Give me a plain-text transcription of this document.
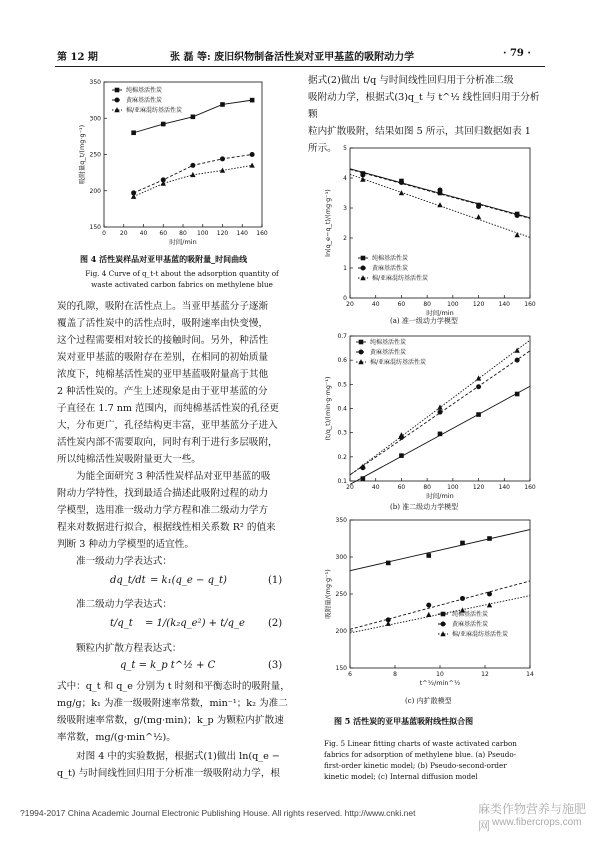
第 12 期	张 磊 等: 废旧织物制备活性炭对亚甲基蓝的吸附动力学	· 79 ·
0 20 40 60 80 100 120 140 160
150
200
250
300
350
时间/min
吸附量q_t/(mg·g⁻¹)
纯棉基活性炭
黄麻基活性炭
棉/亚麻混纺基活性炭
图 4 活性炭样品对亚甲基蓝的吸附量_时间曲线
Fig. 4 Curve of q_t-t about the adsorption quantity of
waste activated carbon fabrics on methylene blue
炭的孔隙，吸附在活性点上。当亚甲基蓝分子逐渐
覆盖了活性炭中的活性点时，吸附速率由快变慢，
这个过程需要相对较长的接触时间。另外，种活性
炭对亚甲基蓝的吸附存在差别，在相同的初始质量
浓度下，纯棉基活性炭的亚甲基蓝吸附量高于其他
2 种活性炭的。产生上述现象是由于亚甲基蓝的分
子直径在 1.7 nm 范围内，而纯棉基活性炭的孔径更
大，分布更广，孔径结构更丰富，亚甲基蓝分子进入
活性炭内部不需要取向，同时有利于进行多层吸附，
所以纯棉活性炭吸附量更大一些。
为能全面研究 3 种活性炭样品对亚甲基蓝的吸
附动力学特性，找到最适合描述此吸附过程的动力
学模型，选用准一级动力学方程和准二级动力学方
程来对数据进行拟合，根据线性相关系数 R² 的值来
判断 3 种动力学模型的适宜性。
准一级动力学表达式：
dq_t/dt = k₁(q_e − q_t)	(1)
准二级动力学表达式：
t/q_t = 1/(k₂q_e²) + t/q_e (2)
颗粒内扩散方程表达式：
q_t = k_p t^½ + C	(3)
式中：q_t 和 q_e 分别为 t 时刻和平衡态时的吸附量，
mg/g；k₁ 为准一级吸附速率常数，min⁻¹；k₂ 为准二
级吸附速率常数，g/(mg·min)；k_p 为颗粒内扩散速
率常数，mg/(g·min^½)。
对图 4 中的实验数据，根据式(1)做出 ln(q_e −
q_t) 与时间线性回归用于分析准一级吸附动力学，根
据式(2)做出 t/q 与时间线性回归用于分析准二级
吸附动力学，根据式(3)q_t 与 t^½ 线性回归用于分析颗
粒内扩散吸附，结果如图 5 所示，其回归数据如表 1
所示。
20	40	60	80	100 120 140 160
0
1
2
3
4
5
时间/min
ln(q_e−q_t)/(mg·g⁻¹)
纯棉基活性炭
黄麻基活性炭
棉/亚麻混纺基活性炭
(a) 准一级动力学模型
20	40	60	80	100 120 140 160
0.1
0.2
0.3
0.4
0.5
0.6
0.7
时间/min
(t/q_t)/(min·g·mg⁻¹)
纯棉基活性炭
黄麻基活性炭
棉/亚麻混纺基活性炭
(b) 准二级动力学模型
6	8	10	12	14
150
200
250
300
350
t^½/min^½
吸附量/(mg·g⁻¹)	纯棉基活性炭
黄麻基活性炭
棉/亚麻混纺基活性炭
(c) 内扩散模型
图 5 活性炭的亚甲基蓝吸附线性拟合图
Fig. 5 Linear fitting charts of waste activated carbon
fabrics for adsorption of methylene blue. (a) Pseudo-
first-order kinetic model; (b) Pseudo-second-order
kinetic model; (c) Internal diffusion model
?1994-2017 China Academic Journal Electronic Publishing House. All rights reserved. http://www.cnki.net	麻类作物营养与施肥网 www.fibercrops.com
